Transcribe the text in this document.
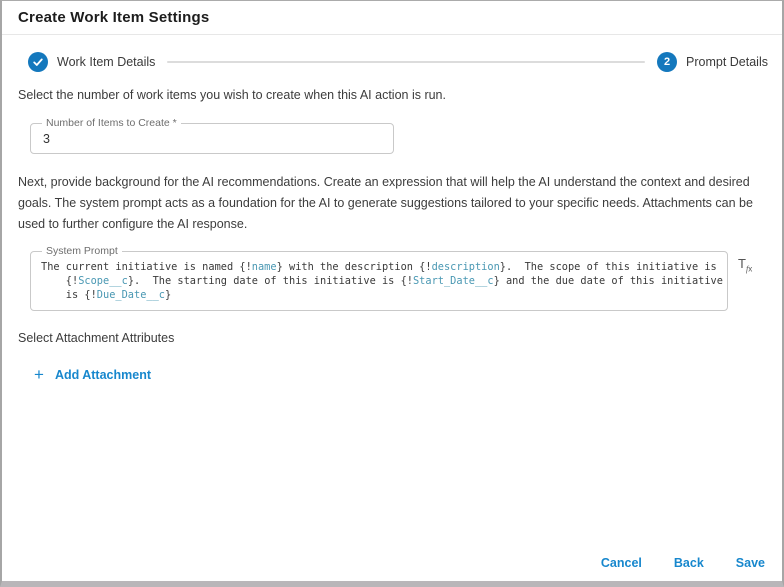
Create Work Item Settings
Work Item Details	2	Prompt Details
Select the number of work items you wish to create when this AI action is run.
Number of Items to Create *
3
Next, provide background for the AI recommendations. Create an expression that will help the AI understand the context and desired goals. The system prompt acts as a foundation for the AI to generate suggestions tailored to your specific needs. Attachments can be used to further configure the AI response.
System Prompt
The current initiative is named {!name} with the description {!description}.  The scope of this initiative is
{!Scope__c}.  The starting date of this initiative is {!Start_Date__c} and the due date of this initiative
is {!Due_Date__c}
$T_{fx}$
Select Attachment Attributes
+ Add Attachment
Cancel	Back	Save
